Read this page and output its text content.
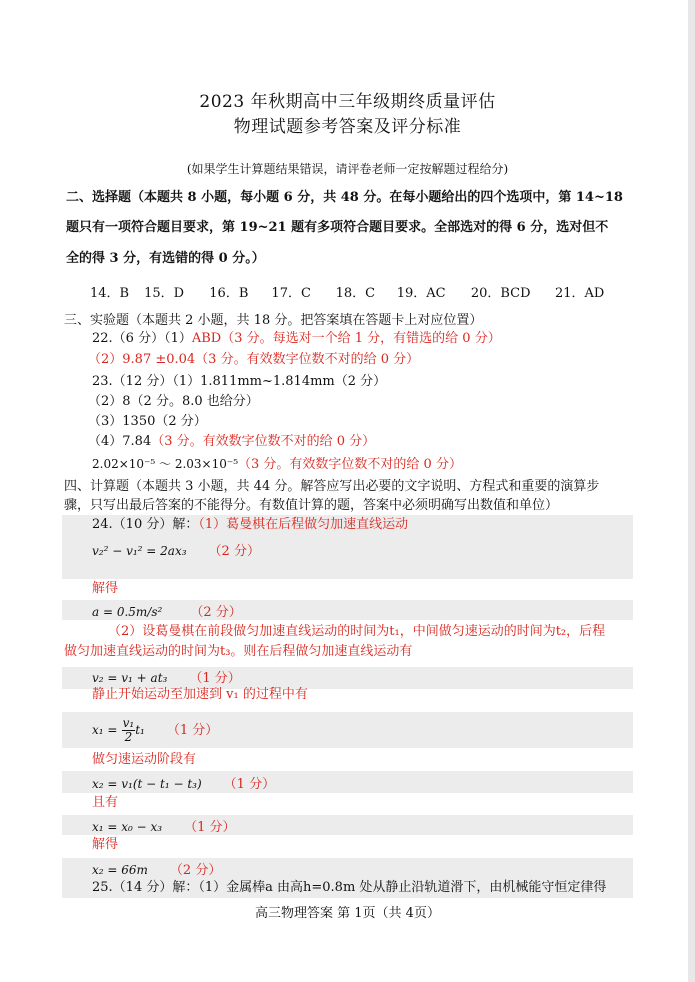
2023 年秋期高中三年级期终质量评估
物理试题参考答案及评分标准
(如果学生计算题结果错误，请评卷老师一定按解题过程给分)
二、选择题（本题共 8 小题，每小题 6 分，共 48 分。在每小题给出的四个选项中，第 14~18
题只有一项符合题目要求，第 19~21 题有多项符合题目要求。全部选对的得 6 分，选对但不
全的得 3 分，有选错的得 0 分。）
14．B 15．D 16．B 17．C 18．C 19．AC 20．BCD 21．AD
三、实验题（本题共 2 小题，共 18 分。把答案填在答题卡上对应位置）
22.（6 分）（1）ABD（3 分。每选对一个给 1 分，有错选的给 0 分）
（2）9.87 ±0.04（3 分。有效数字位数不对的给 0 分）
23.（12 分）（1）1.811mm~1.814mm（2 分）
（2）8（2 分。8.0 也给分）
（3）1350（2 分）
（4）7.84（3 分。有效数字位数不对的给 0 分）
2.02×10⁻⁵ ～ 2.03×10⁻⁵（3 分。有效数字位数不对的给 0 分）
四、计算题（本题共 3 小题，共 44 分。解答应写出必要的文字说明、方程式和重要的演算步
骤，只写出最后答案的不能得分。有数值计算的题，答案中必须明确写出数值和单位）
24.（10 分）解：（1）葛曼棋在后程做匀加速直线运动
v₂² − v₁² = 2ax₃ （2 分）
解得
a = 0.5m/s² （2 分）
（2）设葛曼棋在前段做匀加速直线运动的时间为t₁，中间做匀速运动的时间为t₂，后程
做匀加速直线运动的时间为t₃。则在后程做匀加速直线运动有
v₂ = v₁ + at₃ （1 分）
静止开始运动至加速到 v₁ 的过程中有
$x_1 = \frac{\text{v₁}}{2} t_1$ （1 分）
做匀速运动阶段有
x₂ = v₁(t − t₁ − t₃) （1 分）
且有
x₁ = x₀ − x₃ （1 分）
解得
x₂ = 66m （2 分）
25.（14 分）解：（1）金属棒a 由高h=0.8m 处从静止沿轨道滑下，由机械能守恒定律得
高三物理答案 第 1页（共 4页）
